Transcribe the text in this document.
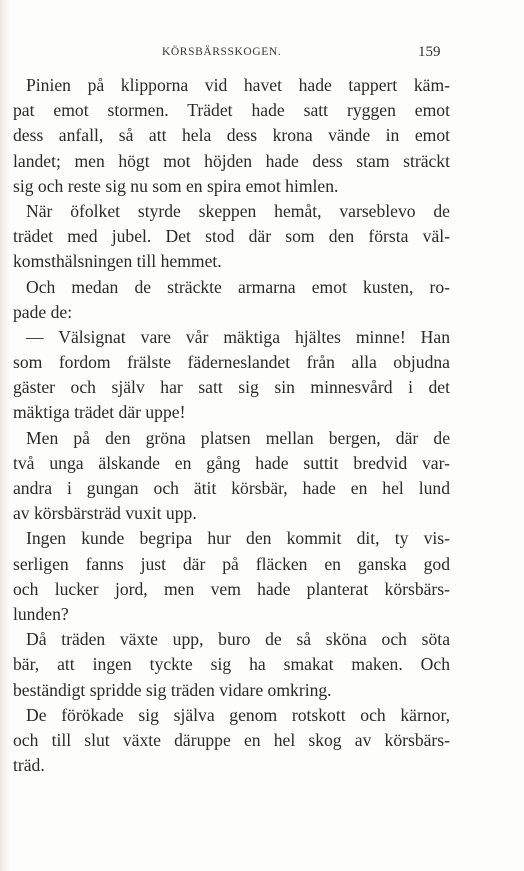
KÖRSBÄRSSKOGEN.	159
Pinien på klipporna vid havet hade tappert käm-
pat emot stormen. Trädet hade satt ryggen emot
dess anfall, så att hela dess krona vände in emot
landet; men högt mot höjden hade dess stam sträckt
sig och reste sig nu som en spira emot himlen.
När öfolket styrde skeppen hemåt, varseblevo de
trädet med jubel. Det stod där som den första väl-
komsthälsningen till hemmet.
Och medan de sträckte armarna emot kusten, ro-
pade de:
— Välsignat vare vår mäktiga hjältes minne! Han
som fordom frälste fäderneslandet från alla objudna
gäster och själv har satt sig sin minnesvård i det
mäktiga trädet där uppe!
Men på den gröna platsen mellan bergen, där de
två unga älskande en gång hade suttit bredvid var-
andra i gungan och ätit körsbär, hade en hel lund
av körsbärsträd vuxit upp.
Ingen kunde begripa hur den kommit dit, ty vis-
serligen fanns just där på fläcken en ganska god
och lucker jord, men vem hade planterat körsbärs-
lunden?
Då träden växte upp, buro de så sköna och söta
bär, att ingen tyckte sig ha smakat maken. Och
beständigt spridde sig träden vidare omkring.
De förökade sig själva genom rotskott och kärnor,
och till slut växte däruppe en hel skog av körsbärs-
träd.
